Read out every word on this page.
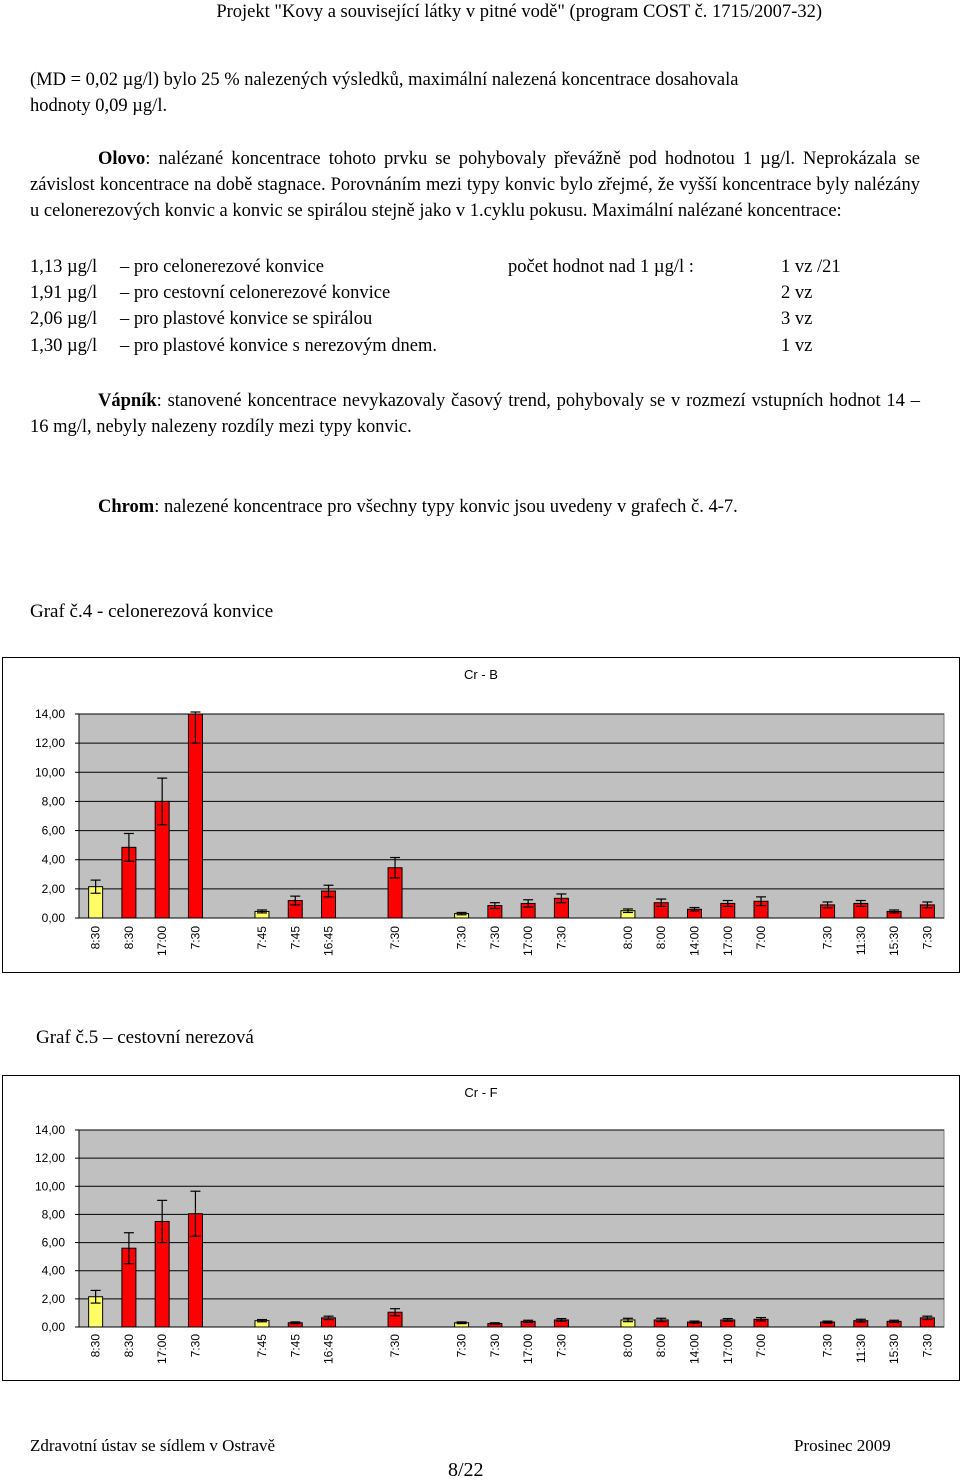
Projekt "Kovy a související látky v pitné vodě" (program COST č. 1715/2007-32)
(MD = 0,02 µg/l) bylo 25 % nalezených výsledků, maximální nalezená koncentrace dosahovala
hodnoty 0,09 µg/l.
Olovo: nalézané koncentrace tohoto prvku se pohybovaly převážně pod hodnotou 1 µg/l. Neprokázala se závislost koncentrace na době stagnace. Porovnáním mezi typy konvic bylo zřejmé, že vyšší koncentrace byly nalézány u celonerezových konvic a konvic se spirálou stejně jako v 1.cyklu pokusu. Maximální nalézané koncentrace:
1,13 µg/l – pro celonerezové konvice	počet hodnot nad 1 µg/l :	1 vz /21
1,91 µg/l – pro cestovní celonerezové konvice	2 vz
2,06 µg/l – pro plastové konvice se spirálou	3 vz
1,30 µg/l – pro plastové konvice s nerezovým dnem.	1 vz
Vápník: stanovené koncentrace nevykazovaly časový trend, pohybovaly se v rozmezí vstupních hodnot 14 – 16 mg/l, nebyly nalezeny rozdíly mezi typy konvic.
Chrom: nalezené koncentrace pro všechny typy konvic jsou uvedeny v grafech č. 4-7.
Graf č.4 - celonerezová konvice
Cr - B
0,00
2,00
4,00
6,00
8,00
10,00
12,00
14,00
8:30 8:30 17:00 7:30	7:45 7:45 16:45	7:30	7:30 7:30 17:00 7:30	8:00 8:00 14:00 17:00 7:00	7:30 11:30 15:30 7:30
Graf č.5 – cestovní nerezová
Cr - F
0,00
2,00
4,00
6,00
8,00
10,00
12,00
14,00
8:30 8:30 17:00 7:30	7:45 7:45 16:45	7:30	7:30 7:30 17:00 7:30	8:00 8:00 14:00 17:00 7:00	7:30 11:30 15:30 7:30
Zdravotní ústav se sídlem v Ostravě	Prosinec 2009
8/22
